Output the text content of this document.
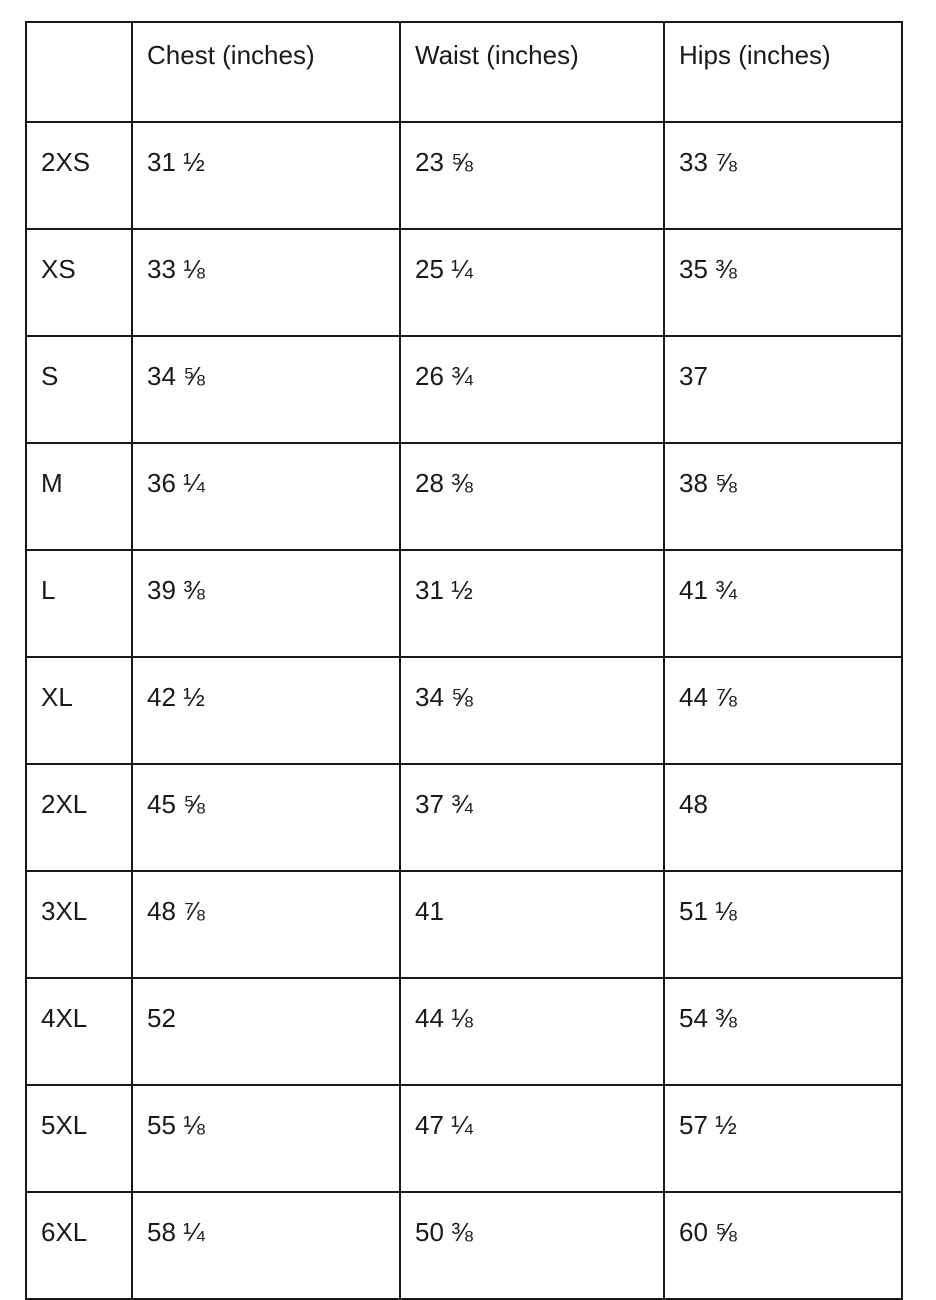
	Chest (inches)	Waist (inches)	Hips (inches)
2XS	31 ½	23 ⅝	33 ⅞
XS	33 ⅛	25 ¼	35 ⅜
S	34 ⅝	26 ¾	37
M	36 ¼	28 ⅜	38 ⅝
L	39 ⅜	31 ½	41 ¾
XL	42 ½	34 ⅝	44 ⅞
2XL	45 ⅝	37 ¾	48
3XL	48 ⅞	41	51 ⅛
4XL	52	44 ⅛	54 ⅜
5XL	55 ⅛	47 ¼	57 ½
6XL	58 ¼	50 ⅜	60 ⅝
